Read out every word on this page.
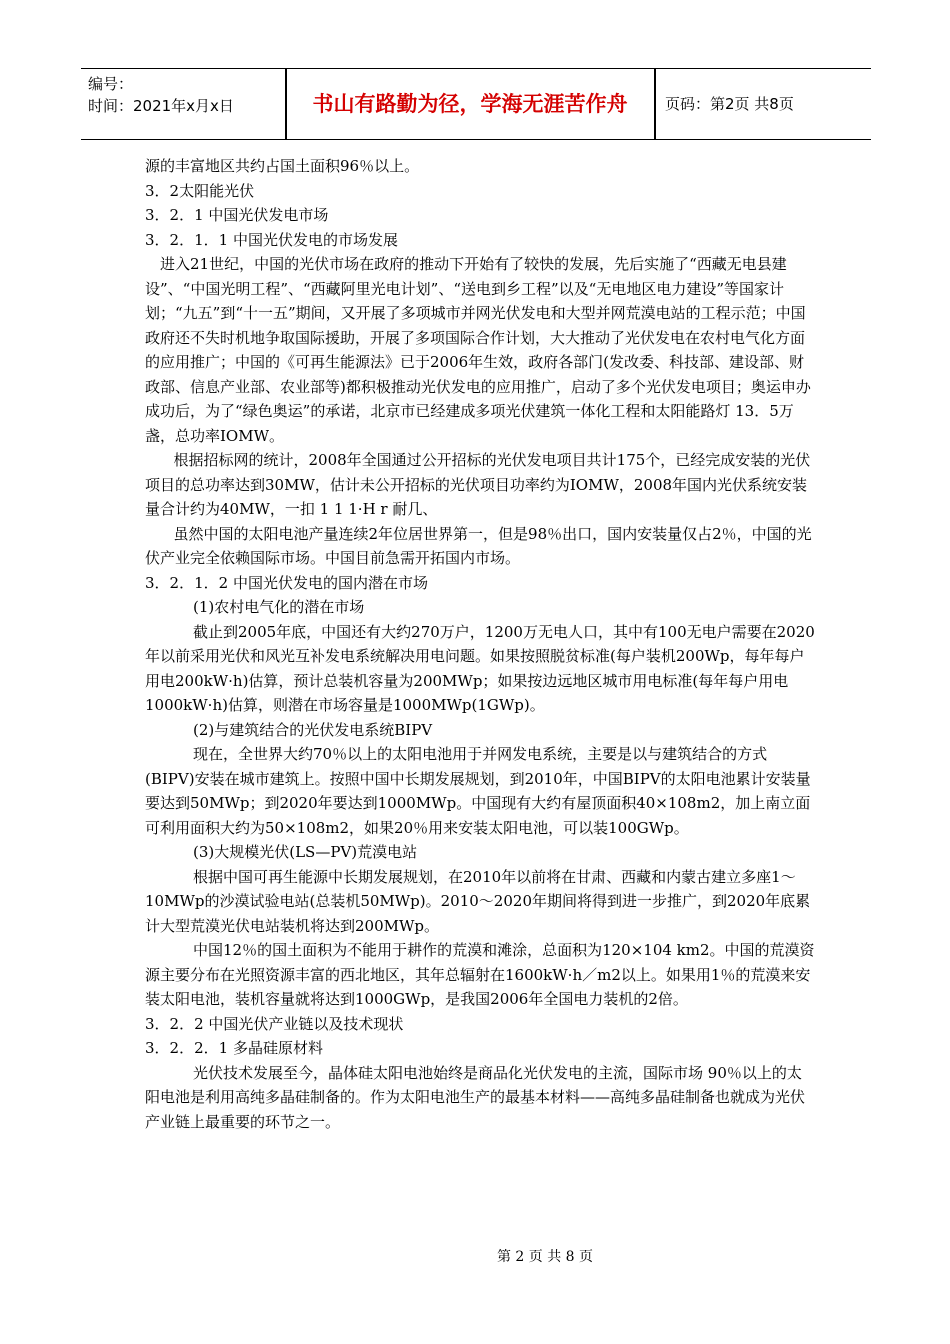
编号：
时间：2021年x月x日	书山有路勤为径，学海无涯苦作舟	页码：第2页 共8页

源的丰富地区共约占国土面积96％以上。

3．2太阳能光伏

3．2．1 中国光伏发电市场

3．2．1．1 中国光伏发电的市场发展

进入21世纪，中国的光伏市场在政府的推动下开始有了较快的发展，先后实施了“西藏无电县建设”、“中国光明工程”、“西藏阿里光电计划”、“送电到乡工程”以及“无电地区电力建设”等国家计划；“九五”到“十一五”期间，又开展了多项城市并网光伏发电和大型并网荒漠电站的工程示范；中国政府还不失时机地争取国际援助，开展了多项国际合作计划，大大推动了光伏发电在农村电气化方面的应用推广；中国的《可再生能源法》已于2006年生效，政府各部门(发改委、科技部、建设部、财政部、信息产业部、农业部等)都积极推动光伏发电的应用推广，启动了多个光伏发电项目；奥运申办成功后，为了“绿色奥运”的承诺，北京市已经建成多项光伏建筑一体化工程和太阳能路灯 13．5万盏，总功率IOMW。

根据招标网的统计，2008年全国通过公开招标的光伏发电项目共计175个，已经完成安装的光伏项目的总功率达到30MW，估计未公开招标的光伏项目功率约为IOMW，2008年国内光伏系统安装量合计约为40MW，一扣 1 1 1·H r 耐几、

虽然中国的太阳电池产量连续2年位居世界第一，但是98％出口，国内安装量仅占2％，中国的光伏产业完全依赖国际市场。中国目前急需开拓国内市场。

3．2．1．2 中国光伏发电的国内潜在市场

(1)农村电气化的潜在市场

截止到2005年底，中国还有大约270万户，1200万无电人口，其中有100无电户需要在2020年以前采用光伏和风光互补发电系统解决用电问题。如果按照脱贫标准(每户装机200Wp，每年每户用电200kW·h)估算，预计总装机容量为200MWp；如果按边远地区城市用电标准(每年每户用电1000kW·h)估算，则潜在市场容量是1000MWp(1GWp)。

(2)与建筑结合的光伏发电系统BIPV

现在，全世界大约70％以上的太阳电池用于并网发电系统，主要是以与建筑结合的方式(BIPV)安装在城市建筑上。按照中国中长期发展规划，到2010年，中国BIPV的太阳电池累计安装量要达到50MWp；到2020年要达到1000MWp。中国现有大约有屋顶面积40×108m2，加上南立面可利用面积大约为50×108m2，如果20％用来安装太阳电池，可以装100GWp。

(3)大规模光伏(LS—PV)荒漠电站

根据中国可再生能源中长期发展规划，在2010年以前将在甘肃、西藏和内蒙古建立多座1～10MWp的沙漠试验电站(总装机50MWp)。2010～2020年期间将得到进一步推广，到2020年底累计大型荒漠光伏电站装机将达到200MWp。

中国12％的国土面积为不能用于耕作的荒漠和滩涂，总面积为120×104 km2。中国的荒漠资源主要分布在光照资源丰富的西北地区，其年总辐射在1600kW·h／m2以上。如果用1％的荒漠来安装太阳电池，装机容量就将达到1000GWp，是我国2006年全国电力装机的2倍。

3．2．2 中国光伏产业链以及技术现状

3．2．2．1 多晶硅原材料

光伏技术发展至今，晶体硅太阳电池始终是商品化光伏发电的主流，国际市场 90％以上的太阳电池是利用高纯多晶硅制备的。作为太阳电池生产的最基本材料——高纯多晶硅制备也就成为光伏产业链上最重要的环节之一。

第 2 页 共 8 页
